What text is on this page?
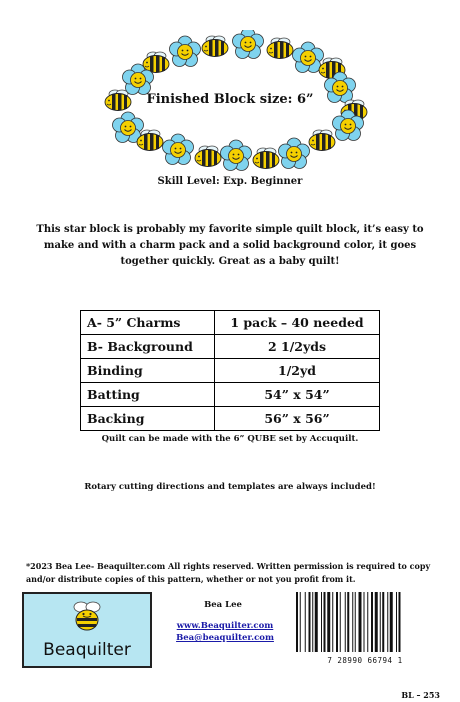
Finished Block size: 6”
Skill Level: Exp. Beginner
This star block is probably my favorite simple quilt block, it’s easy to make and with a charm pack and a solid background color, it goes together quickly. Great as a baby quilt!
A- 5” Charms	1 pack – 40 needed
B- Background	2 1/2yds
Binding	1/2yd
Batting	54” x 54”
Backing	56” x 56”
Quilt can be made with the 6” QUBE set by Accuquilt.
Rotary cutting directions and templates are always included!
*2023 Bea Lee- Beaquilter.com All rights reserved. Written permission is required to copy and/or distribute copies of this pattern, whether or not you profit from it.
Beaquilter
Bea Lee
www.Beaquilter.com
Bea@beaquilter.com
7 28990 66794 1
BL – 253
